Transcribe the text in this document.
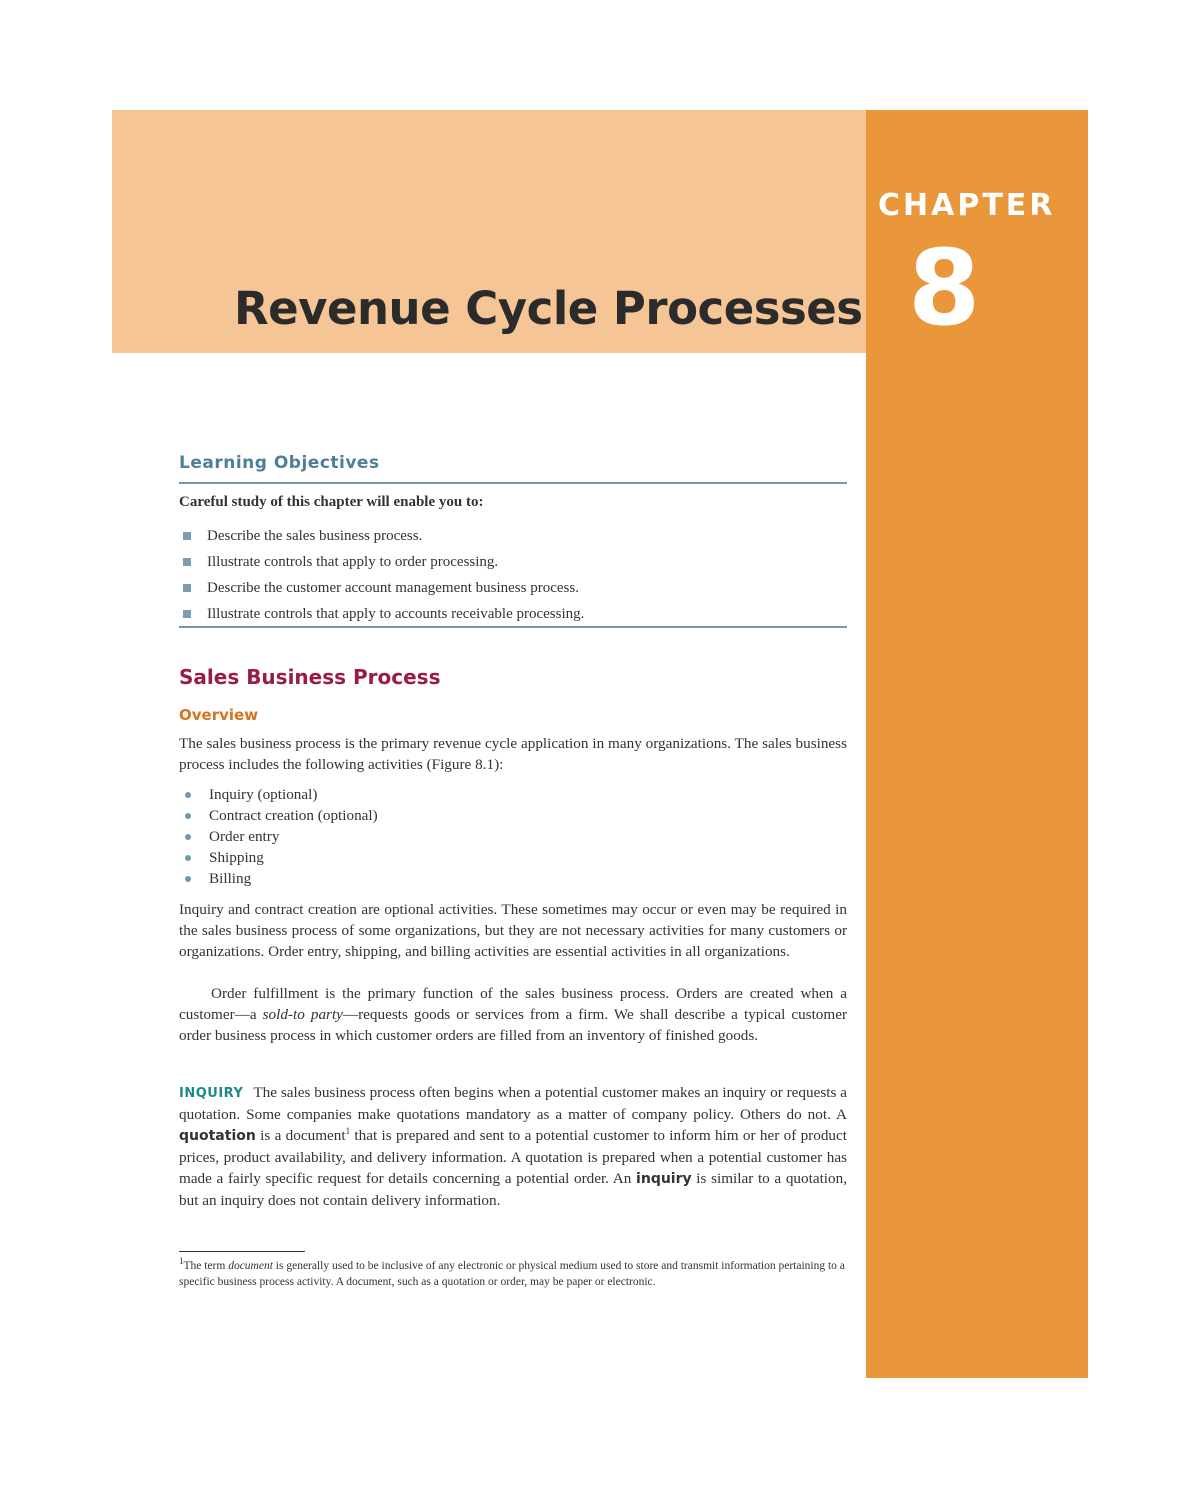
CHAPTER
8
Revenue Cycle Processes
Learning Objectives
Careful study of this chapter will enable you to:
Describe the sales business process.
Illustrate controls that apply to order processing.
Describe the customer account management business process.
Illustrate controls that apply to accounts receivable processing.
Sales Business Process
Overview
The sales business process is the primary revenue cycle application in many organizations. The sales business process includes the following activities (Figure 8.1):
Inquiry (optional)
Contract creation (optional)
Order entry
Shipping
Billing
Inquiry and contract creation are optional activities. These sometimes may occur or even may be required in the sales business process of some organizations, but they are not necessary activities for many customers or organizations. Order entry, shipping, and billing activities are essential activities in all organizations.
Order fulfillment is the primary function of the sales business process. Orders are created when a customer—a sold-to party—requests goods or services from a firm. We shall describe a typical customer order business process in which customer orders are filled from an inventory of finished goods.
INQUIRY The sales business process often begins when a potential customer makes an inquiry or requests a quotation. Some companies make quotations mandatory as a matter of company policy. Others do not. A quotation is a document$^1$ that is prepared and sent to a potential customer to inform him or her of product prices, product availability, and delivery information. A quotation is prepared when a potential customer has made a fairly specific request for details concerning a potential order. An inquiry is similar to a quotation, but an inquiry does not contain delivery information.
$^1$The term document is generally used to be inclusive of any electronic or physical medium used to store and transmit information pertaining to a specific business process activity. A document, such as a quotation or order, may be paper or electronic.
